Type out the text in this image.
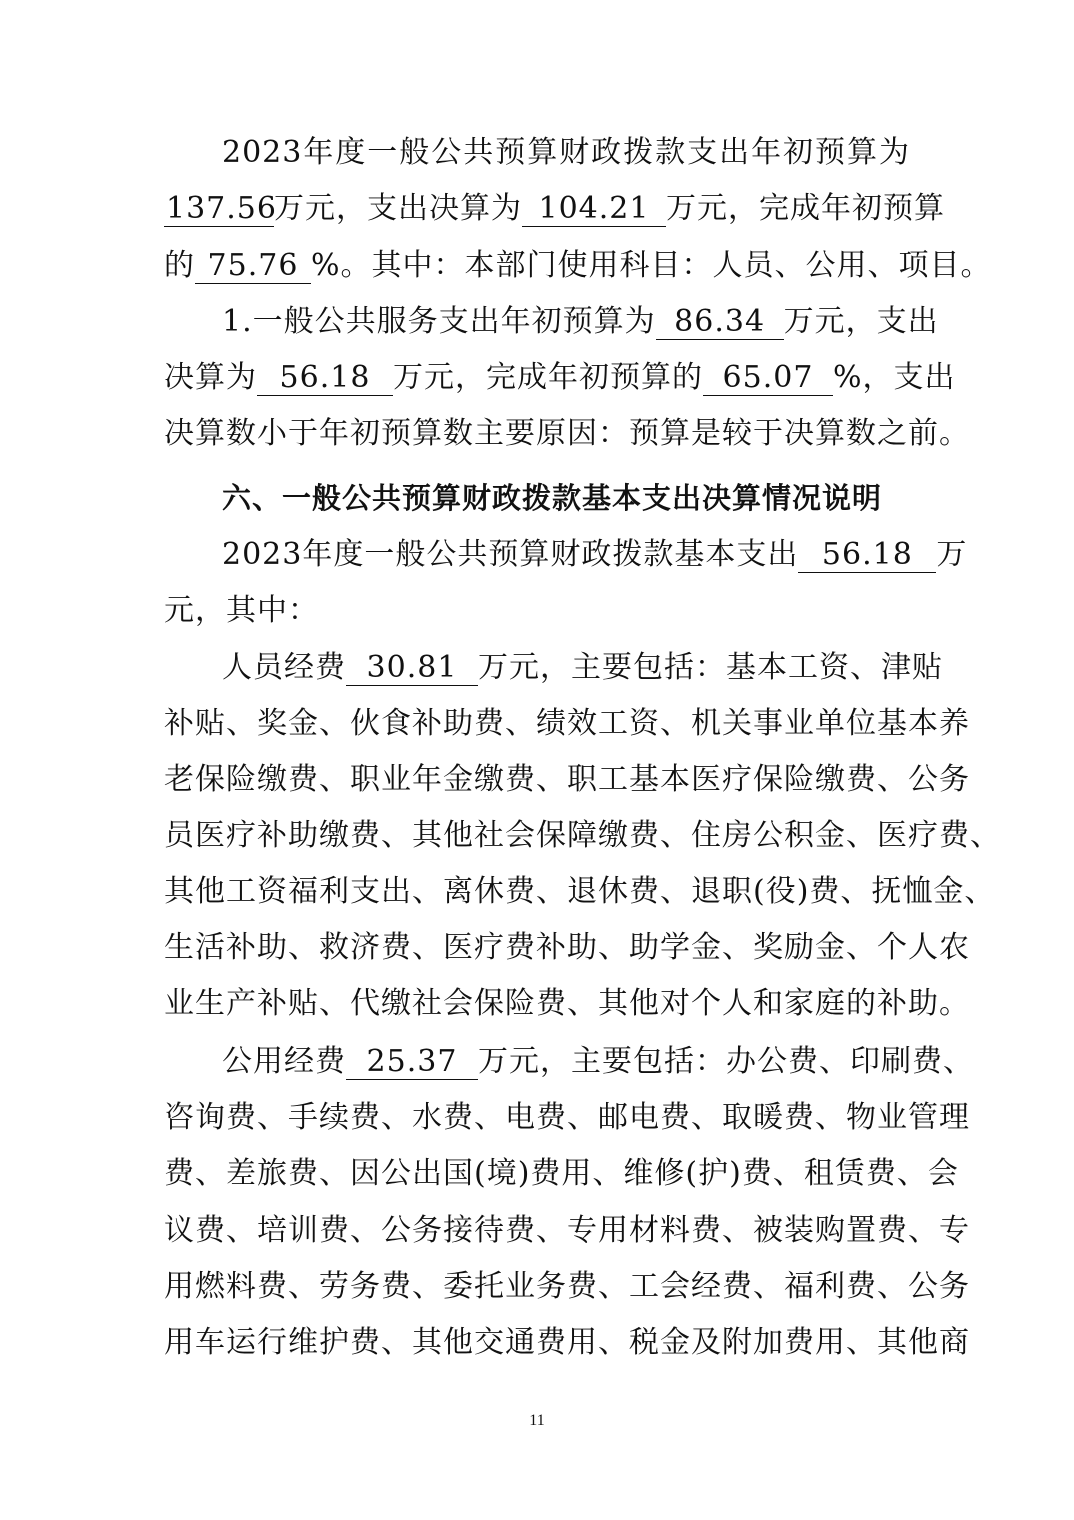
2023年度一般公共预算财政拨款支出年初预算为
137.56万元，支出决算为 104.21 万元，完成年初预算
的 75.76 %。其中：本部门使用科目：人员、公用、项目。
1.一般公共服务支出年初预算为 86.34 万元，支出
决算为 56.18 万元，完成年初预算的 65.07 %，支出
决算数小于年初预算数主要原因：预算是较于决算数之前。
六、一般公共预算财政拨款基本支出决算情况说明
2023年度一般公共预算财政拨款基本支出 56.18 万
元，其中：
人员经费 30.81 万元，主要包括：基本工资、津贴
补贴、奖金、伙食补助费、绩效工资、机关事业单位基本养
老保险缴费、职业年金缴费、职工基本医疗保险缴费、公务
员医疗补助缴费、其他社会保障缴费、住房公积金、医疗费、
其他工资福利支出、离休费、退休费、退职(役)费、抚恤金、
生活补助、救济费、医疗费补助、助学金、奖励金、个人农
业生产补贴、代缴社会保险费、其他对个人和家庭的补助。
公用经费 25.37 万元，主要包括：办公费、印刷费、
咨询费、手续费、水费、电费、邮电费、取暖费、物业管理
费、差旅费、因公出国(境)费用、维修(护)费、租赁费、会
议费、培训费、公务接待费、专用材料费、被装购置费、专
用燃料费、劳务费、委托业务费、工会经费、福利费、公务
用车运行维护费、其他交通费用、税金及附加费用、其他商
11
